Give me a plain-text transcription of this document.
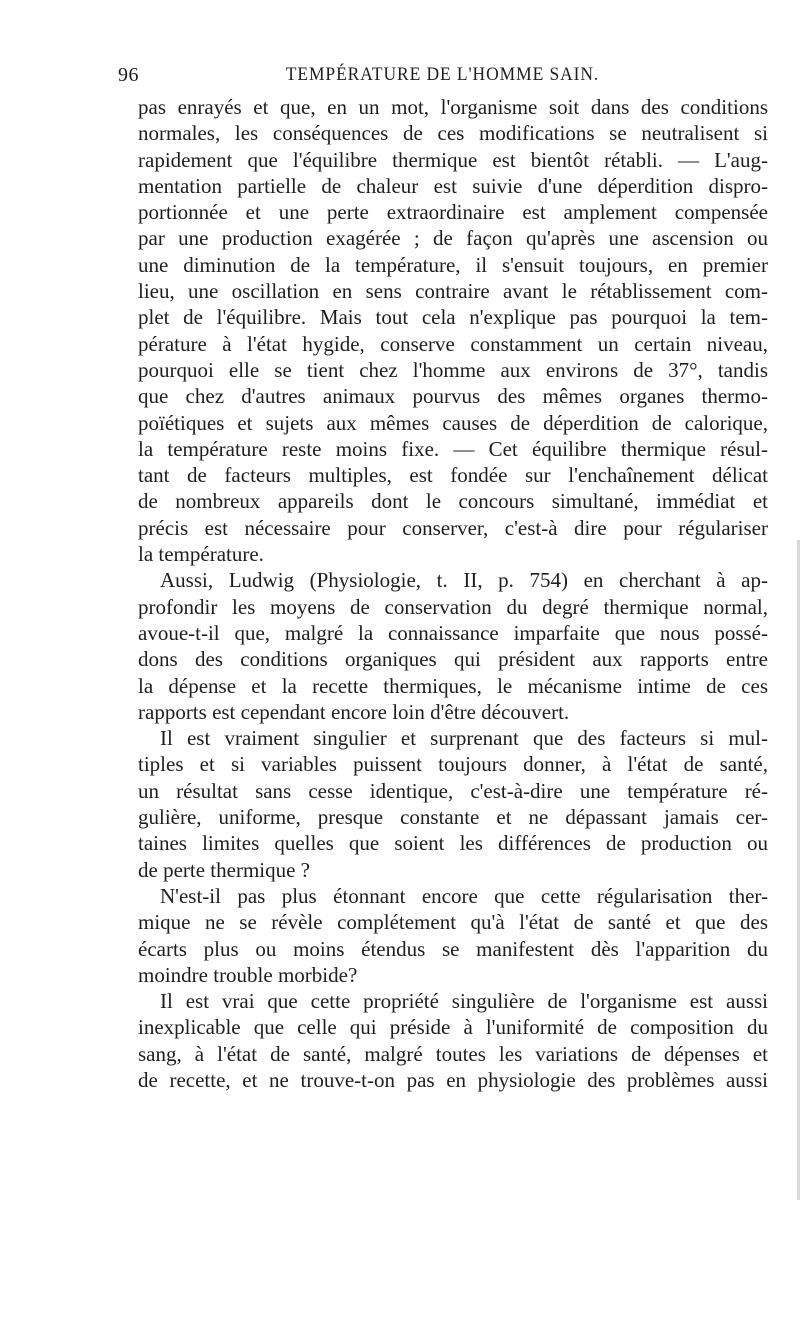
96	TEMPÉRATURE DE L'HOMME SAIN.
pas enrayés et que, en un mot, l'organisme soit dans des conditions
normales, les conséquences de ces modifications se neutralisent si
rapidement que l'équilibre thermique est bientôt rétabli. — L'aug-
mentation partielle de chaleur est suivie d'une déperdition dispro-
portionnée et une perte extraordinaire est amplement compensée
par une production exagérée ; de façon qu'après une ascension ou
une diminution de la température, il s'ensuit toujours, en premier
lieu, une oscillation en sens contraire avant le rétablissement com-
plet de l'équilibre. Mais tout cela n'explique pas pourquoi la tem-
pérature à l'état hygide, conserve constamment un certain niveau,
pourquoi elle se tient chez l'homme aux environs de 37°, tandis
que chez d'autres animaux pourvus des mêmes organes thermo-
poïétiques et sujets aux mêmes causes de déperdition de calorique,
la température reste moins fixe. — Cet équilibre thermique résul-
tant de facteurs multiples, est fondée sur l'enchaînement délicat
de nombreux appareils dont le concours simultané, immédiat et
précis est nécessaire pour conserver, c'est-à dire pour régulariser
la température.
Aussi, Ludwig (Physiologie, t. II, p. 754) en cherchant à ap-
profondir les moyens de conservation du degré thermique normal,
avoue-t-il que, malgré la connaissance imparfaite que nous possé-
dons des conditions organiques qui président aux rapports entre
la dépense et la recette thermiques, le mécanisme intime de ces
rapports est cependant encore loin d'être découvert.
Il est vraiment singulier et surprenant que des facteurs si mul-
tiples et si variables puissent toujours donner, à l'état de santé,
un résultat sans cesse identique, c'est-à-dire une température ré-
gulière, uniforme, presque constante et ne dépassant jamais cer-
taines limites quelles que soient les différences de production ou
de perte thermique ?
N'est-il pas plus étonnant encore que cette régularisation ther-
mique ne se révèle complétement qu'à l'état de santé et que des
écarts plus ou moins étendus se manifestent dès l'apparition du
moindre trouble morbide?
Il est vrai que cette propriété singulière de l'organisme est aussi
inexplicable que celle qui préside à l'uniformité de composition du
sang, à l'état de santé, malgré toutes les variations de dépenses et
de recette, et ne trouve-t-on pas en physiologie des problèmes aussi
